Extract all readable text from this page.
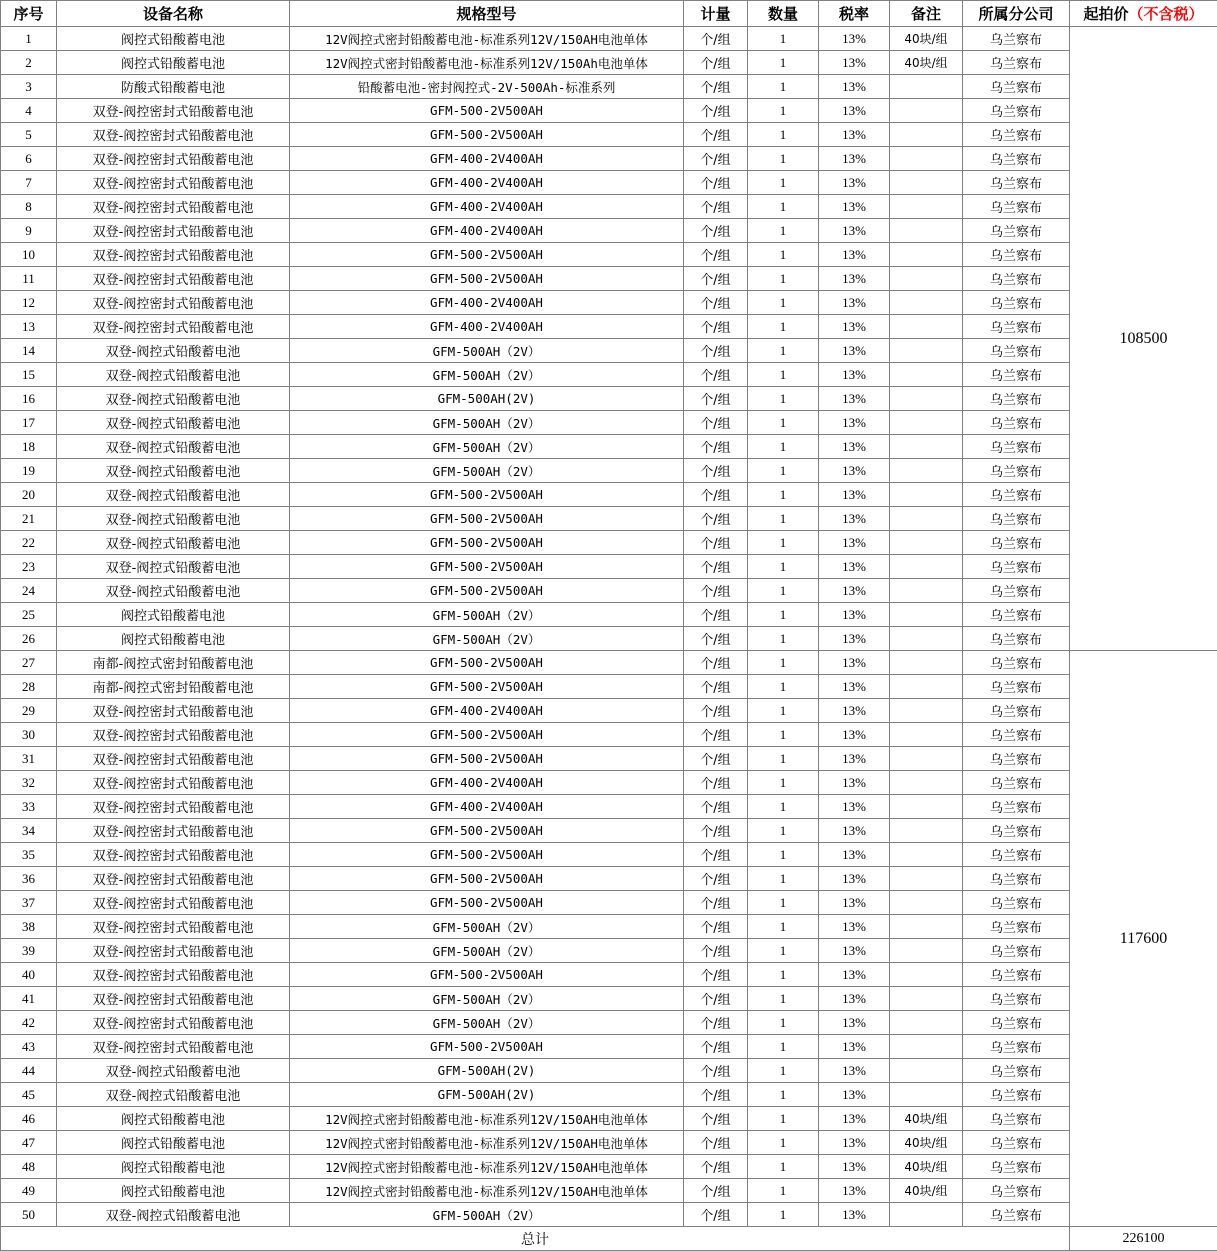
序号	设备名称	规格型号	计量	数量	税率	备注	所属分公司	起拍价（不含税）
1	阀控式铅酸蓄电池	12V阀控式密封铅酸蓄电池-标准系列12V/150AH电池单体	个/组	1	13%	40块/组	乌兰察布	108500
2	阀控式铅酸蓄电池	12V阀控式密封铅酸蓄电池-标准系列12V/150Ah电池单体	个/组	1	13%	40块/组	乌兰察布	
3	防酸式铅酸蓄电池	铅酸蓄电池-密封阀控式-2V-500Ah-标准系列	个/组	1	13%		乌兰察布	
4	双登-阀控密封式铅酸蓄电池	GFM-500-2V500AH	个/组	1	13%		乌兰察布	
5	双登-阀控密封式铅酸蓄电池	GFM-500-2V500AH	个/组	1	13%		乌兰察布	
6	双登-阀控密封式铅酸蓄电池	GFM-400-2V400AH	个/组	1	13%		乌兰察布	
7	双登-阀控密封式铅酸蓄电池	GFM-400-2V400AH	个/组	1	13%		乌兰察布	
8	双登-阀控密封式铅酸蓄电池	GFM-400-2V400AH	个/组	1	13%		乌兰察布	
9	双登-阀控密封式铅酸蓄电池	GFM-400-2V400AH	个/组	1	13%		乌兰察布	
10	双登-阀控密封式铅酸蓄电池	GFM-500-2V500AH	个/组	1	13%		乌兰察布	
11	双登-阀控密封式铅酸蓄电池	GFM-500-2V500AH	个/组	1	13%		乌兰察布	
12	双登-阀控密封式铅酸蓄电池	GFM-400-2V400AH	个/组	1	13%		乌兰察布	
13	双登-阀控密封式铅酸蓄电池	GFM-400-2V400AH	个/组	1	13%		乌兰察布	
14	双登-阀控式铅酸蓄电池	GFM-500AH（2V）	个/组	1	13%		乌兰察布	
15	双登-阀控式铅酸蓄电池	GFM-500AH（2V）	个/组	1	13%		乌兰察布	
16	双登-阀控式铅酸蓄电池	GFM-500AH(2V)	个/组	1	13%		乌兰察布	
17	双登-阀控式铅酸蓄电池	GFM-500AH（2V）	个/组	1	13%		乌兰察布	
18	双登-阀控式铅酸蓄电池	GFM-500AH（2V）	个/组	1	13%		乌兰察布	
19	双登-阀控式铅酸蓄电池	GFM-500AH（2V）	个/组	1	13%		乌兰察布	
20	双登-阀控式铅酸蓄电池	GFM-500-2V500AH	个/组	1	13%		乌兰察布	
21	双登-阀控式铅酸蓄电池	GFM-500-2V500AH	个/组	1	13%		乌兰察布	
22	双登-阀控式铅酸蓄电池	GFM-500-2V500AH	个/组	1	13%		乌兰察布	
23	双登-阀控式铅酸蓄电池	GFM-500-2V500AH	个/组	1	13%		乌兰察布	
24	双登-阀控式铅酸蓄电池	GFM-500-2V500AH	个/组	1	13%		乌兰察布	
25	阀控式铅酸蓄电池	GFM-500AH（2V）	个/组	1	13%		乌兰察布	
26	阀控式铅酸蓄电池	GFM-500AH（2V）	个/组	1	13%		乌兰察布	
27	南都-阀控式密封铅酸蓄电池	GFM-500-2V500AH	个/组	1	13%		乌兰察布	117600
28	南都-阀控式密封铅酸蓄电池	GFM-500-2V500AH	个/组	1	13%		乌兰察布	
29	双登-阀控密封式铅酸蓄电池	GFM-400-2V400AH	个/组	1	13%		乌兰察布	
30	双登-阀控密封式铅酸蓄电池	GFM-500-2V500AH	个/组	1	13%		乌兰察布	
31	双登-阀控密封式铅酸蓄电池	GFM-500-2V500AH	个/组	1	13%		乌兰察布	
32	双登-阀控密封式铅酸蓄电池	GFM-400-2V400AH	个/组	1	13%		乌兰察布	
33	双登-阀控密封式铅酸蓄电池	GFM-400-2V400AH	个/组	1	13%		乌兰察布	
34	双登-阀控密封式铅酸蓄电池	GFM-500-2V500AH	个/组	1	13%		乌兰察布	
35	双登-阀控密封式铅酸蓄电池	GFM-500-2V500AH	个/组	1	13%		乌兰察布	
36	双登-阀控密封式铅酸蓄电池	GFM-500-2V500AH	个/组	1	13%		乌兰察布	
37	双登-阀控密封式铅酸蓄电池	GFM-500-2V500AH	个/组	1	13%		乌兰察布	
38	双登-阀控密封式铅酸蓄电池	GFM-500AH（2V）	个/组	1	13%		乌兰察布	
39	双登-阀控密封式铅酸蓄电池	GFM-500AH（2V）	个/组	1	13%		乌兰察布	
40	双登-阀控密封式铅酸蓄电池	GFM-500-2V500AH	个/组	1	13%		乌兰察布	
41	双登-阀控密封式铅酸蓄电池	GFM-500AH（2V）	个/组	1	13%		乌兰察布	
42	双登-阀控密封式铅酸蓄电池	GFM-500AH（2V）	个/组	1	13%		乌兰察布	
43	双登-阀控密封式铅酸蓄电池	GFM-500-2V500AH	个/组	1	13%		乌兰察布	
44	双登-阀控式铅酸蓄电池	GFM-500AH(2V)	个/组	1	13%		乌兰察布	
45	双登-阀控式铅酸蓄电池	GFM-500AH(2V)	个/组	1	13%		乌兰察布	
46	阀控式铅酸蓄电池	12V阀控式密封铅酸蓄电池-标准系列12V/150AH电池单体	个/组	1	13%	40块/组	乌兰察布	
47	阀控式铅酸蓄电池	12V阀控式密封铅酸蓄电池-标准系列12V/150AH电池单体	个/组	1	13%	40块/组	乌兰察布	
48	阀控式铅酸蓄电池	12V阀控式密封铅酸蓄电池-标准系列12V/150AH电池单体	个/组	1	13%	40块/组	乌兰察布	
49	阀控式铅酸蓄电池	12V阀控式密封铅酸蓄电池-标准系列12V/150AH电池单体	个/组	1	13%	40块/组	乌兰察布	
50	双登-阀控式铅酸蓄电池	GFM-500AH（2V）	个/组	1	13%		乌兰察布	
总计								226100
